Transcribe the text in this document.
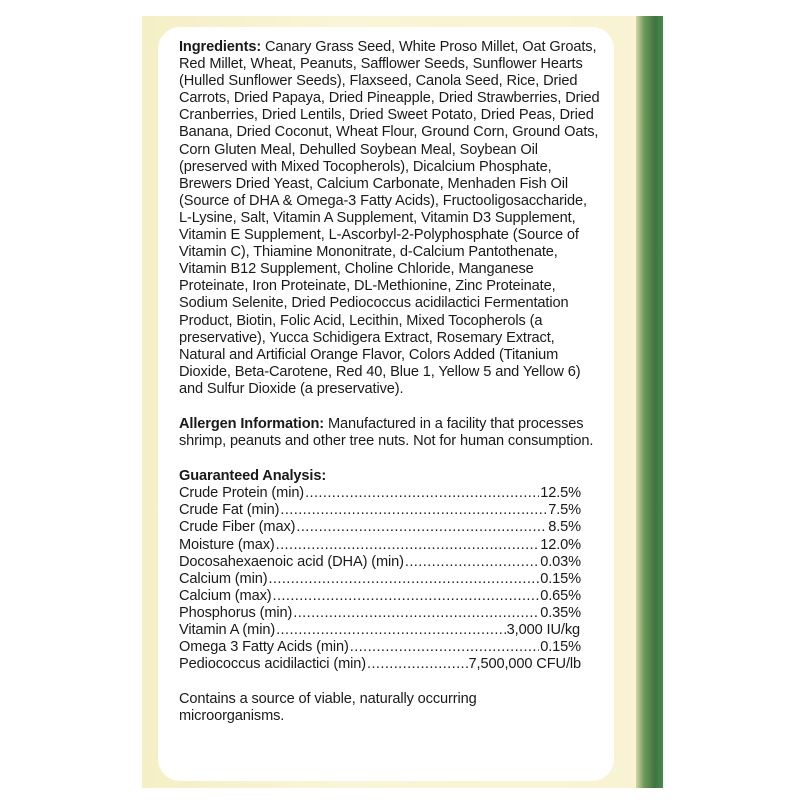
Ingredients: Canary Grass Seed, White Proso Millet, Oat Groats, Red Millet, Wheat, Peanuts, Safflower Seeds, Sunflower Hearts (Hulled Sunflower Seeds), Flaxseed, Canola Seed, Rice, Dried Carrots, Dried Papaya, Dried Pineapple, Dried Strawberries, Dried Cranberries, Dried Lentils, Dried Sweet Potato, Dried Peas, Dried Banana, Dried Coconut, Wheat Flour, Ground Corn, Ground Oats, Corn Gluten Meal, Dehulled Soybean Meal, Soybean Oil (preserved with Mixed Tocopherols), Dicalcium Phosphate, Brewers Dried Yeast, Calcium Carbonate, Menhaden Fish Oil (Source of DHA & Omega-3 Fatty Acids), Fructooligosaccharide, L-Lysine, Salt, Vitamin A Supplement, Vitamin D3 Supplement, Vitamin E Supplement, L-Ascorbyl-2-Polyphosphate (Source of Vitamin C), Thiamine Mononitrate, d-Calcium Pantothenate, Vitamin B12 Supplement, Choline Chloride, Manganese Proteinate, Iron Proteinate, DL-Methionine, Zinc Proteinate, Sodium Selenite, Dried Pediococcus acidilactici Fermentation Product, Biotin, Folic Acid, Lecithin, Mixed Tocopherols (a preservative), Yucca Schidigera Extract, Rosemary Extract, Natural and Artificial Orange Flavor, Colors Added (Titanium Dioxide, Beta-Carotene, Red 40, Blue 1, Yellow 5 and Yellow 6) and Sulfur Dioxide (a preservative).

Allergen Information: Manufactured in a facility that processes shrimp, peanuts and other tree nuts. Not for human consumption.

Guaranteed Analysis:

Crude Protein (min) .....	12.5%
Crude Fat (min) .....	7.5%
Crude Fiber (max) .....	8.5%
Moisture (max) .....	12.0%
Docosahexaenoic acid (DHA) (min) .....	0.03%
Calcium (min) .....	0.15%
Calcium (max) .....	0.65%
Phosphorus (min) .....	0.35%
Vitamin A (min) .....	3,000 IU/kg
Omega 3 Fatty Acids (min) .....	0.15%
Pediococcus acidilactici (min) .....	7,500,000 CFU/lb

Contains a source of viable, naturally occurring microorganisms.
